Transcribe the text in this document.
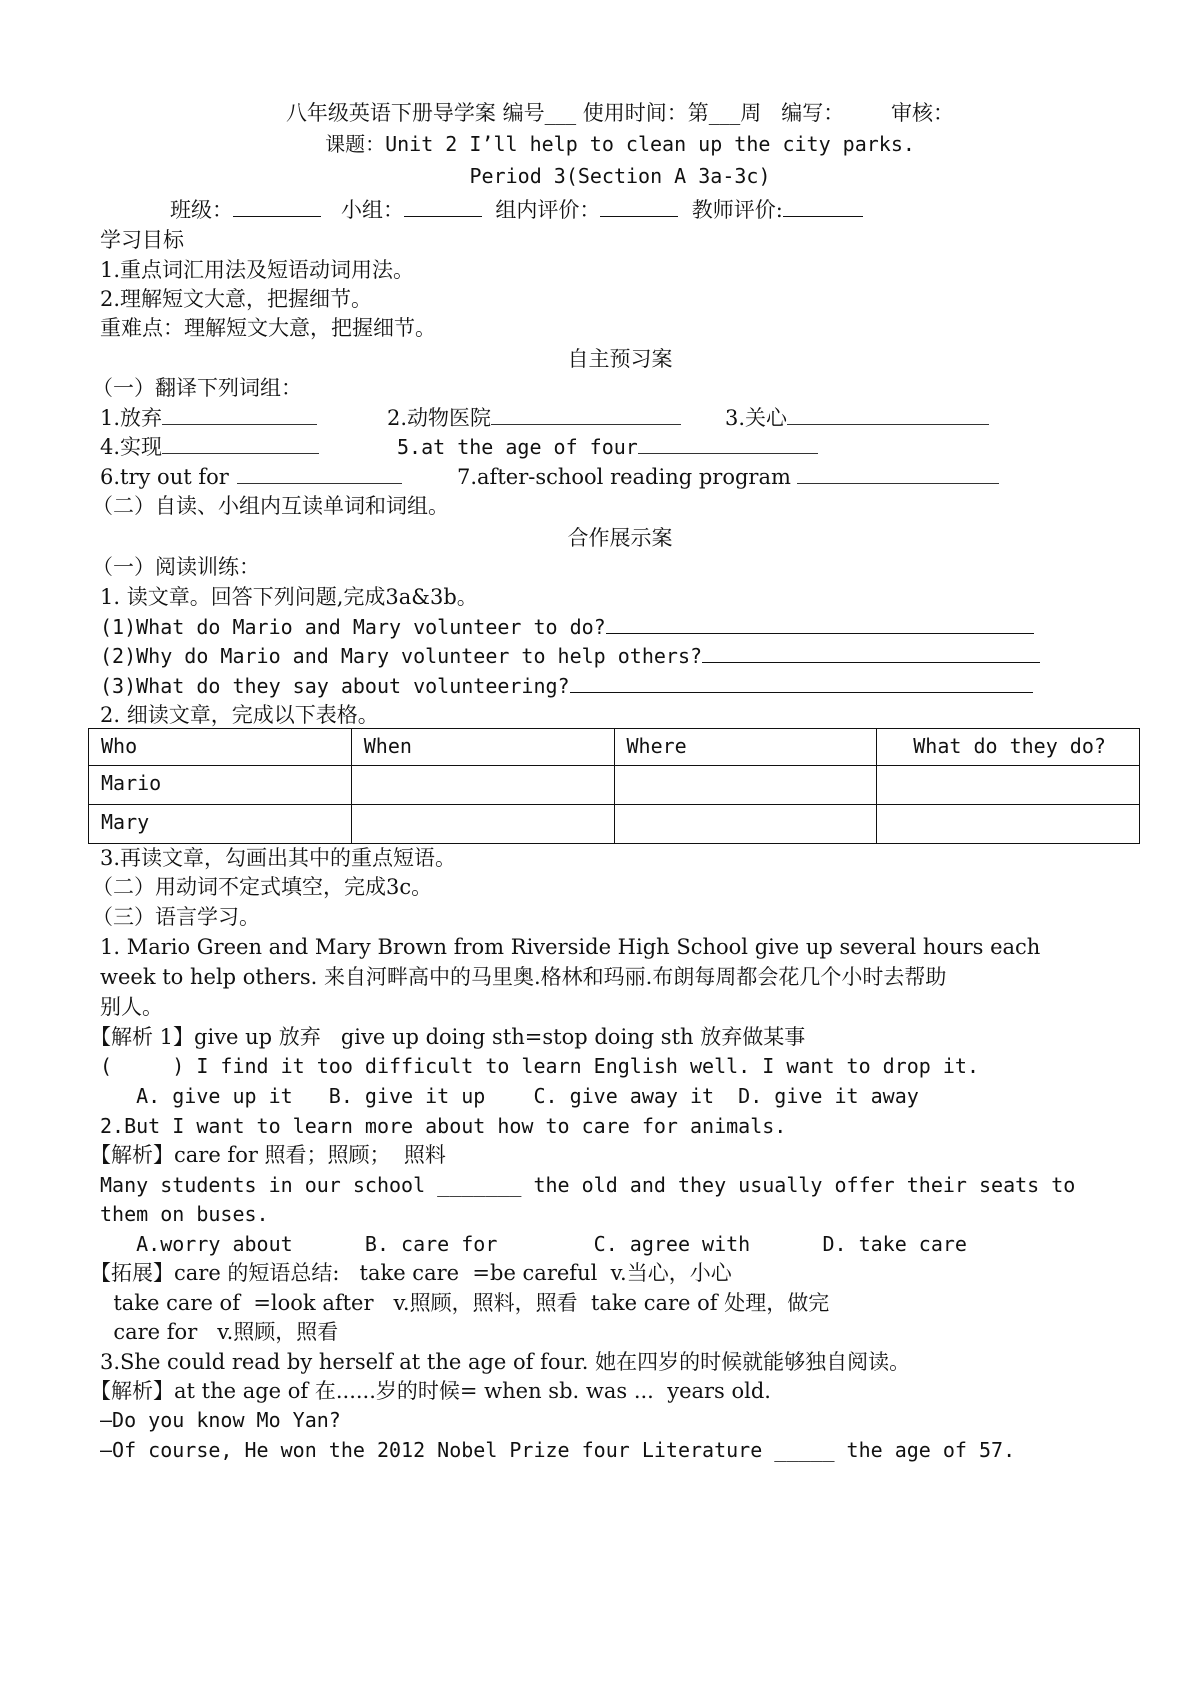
八年级英语下册导学案 编号___ 使用时间：第___周   编写：       审核：
课题：Unit 2 I’ll help to clean up the city parks.
Period 3(Section A 3a-3c)
班级：	小组：	组内评价：	教师评价:
学习目标
1.重点词汇用法及短语动词用法。
2.理解短文大意，把握细节。
重难点：理解短文大意，把握细节。
自主预习案
（一）翻译下列词组：
1.放弃	2.动物医院	3.关心
4.实现	5.at the age of four
6.try out for	7.after-school reading program
（二）自读、小组内互读单词和词组。
合作展示案
（一）阅读训练：
1. 读文章。回答下列问题,完成3a&3b。
(1)What do Mario and Mary volunteer to do?
(2)Why do Mario and Mary volunteer to help others?
(3)What do they say about volunteering?
2. 细读文章，完成以下表格。
Who	When	Where	What do they do?
Mario			
Mary			
3.再读文章，勾画出其中的重点短语。
（二）用动词不定式填空，完成3c。
（三）语言学习。
1. Mario Green and Mary Brown from Riverside High School give up several hours each
week to help others. 来自河畔高中的马里奥.格林和玛丽.布朗每周都会花几个小时去帮助
别人。
【解析 1】give up 放弃   give up doing sth=stop doing sth 放弃做某事
(     ) I find it too difficult to learn English well. I want to drop it.
A. give up it   B. give it up    C. give away it  D. give it away
2.But I want to learn more about how to care for animals.
【解析】care for 照看；照顾；  照料
Many students in our school _______ the old and they usually offer their seats to
them on buses.
A.worry about      B. care for        C. agree with      D. take care
【拓展】care 的短语总结:   take care  =be careful  v.当心，小心
take care of  =look after   v.照顾，照料，照看  take care of 处理，做完
care for   v.照顾，照看
3.She could read by herself at the age of four. 她在四岁的时候就能够独自阅读。
【解析】at the age of 在......岁的时候= when sb. was ...  years old.
—Do you know Mo Yan?
—Of course, He won the 2012 Nobel Prize four Literature _____ the age of 57.
